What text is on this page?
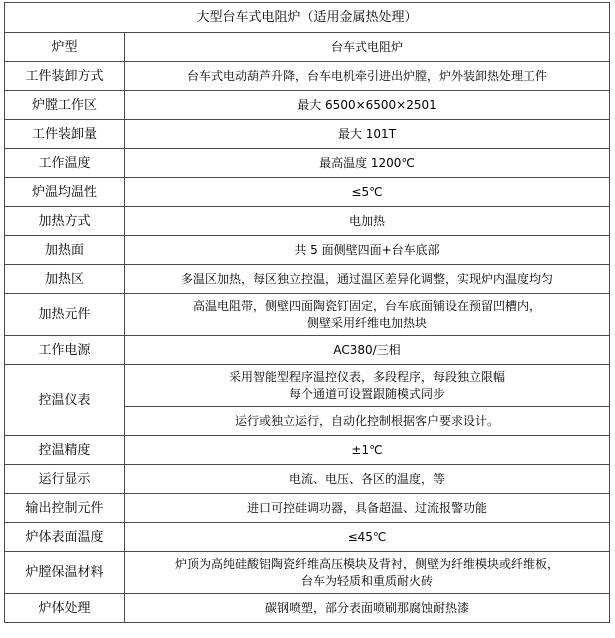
大型台车式电阻炉（适用金属热处理）	
炉型	台车式电阻炉
工件装卸方式	台车式电动葫芦升降，台车电机牵引进出炉膛，炉外装卸热处理工件
炉膛工作区	最大 6500×6500×2501
工件装卸量	最大 101T
工作温度	最高温度 1200℃
炉温均温性	≤5℃
加热方式	电加热
加热面	共 5 面侧壁四面+台车底部
加热区	多温区加热，每区独立控温，通过温区差异化调整，实现炉内温度均匀
加热元件	高温电阻带，侧壁四面陶瓷钉固定，台车底面铺设在预留凹槽内，
侧壁采用纤维电加热块

工作电源	AC380/三相
控温仪表	采用智能型程序温控仪表，多段程序，每段独立限幅
每个通道可设置跟随模式同步

	运行或独立运行，自动化控制根据客户要求设计。
控温精度	±1℃
运行显示	电流、电压、各区的温度，等
输出控制元件	进口可控硅调功器，具备超温、过流报警功能
炉体表面温度	≤45℃
炉膛保温材料	炉顶为高纯硅酸铝陶瓷纤维高压模块及背衬，侧壁为纤维模块或纤维板，
台车为轻质和重质耐火砖

炉体处理	碳钢喷塑，部分表面喷刷那腐蚀耐热漆
